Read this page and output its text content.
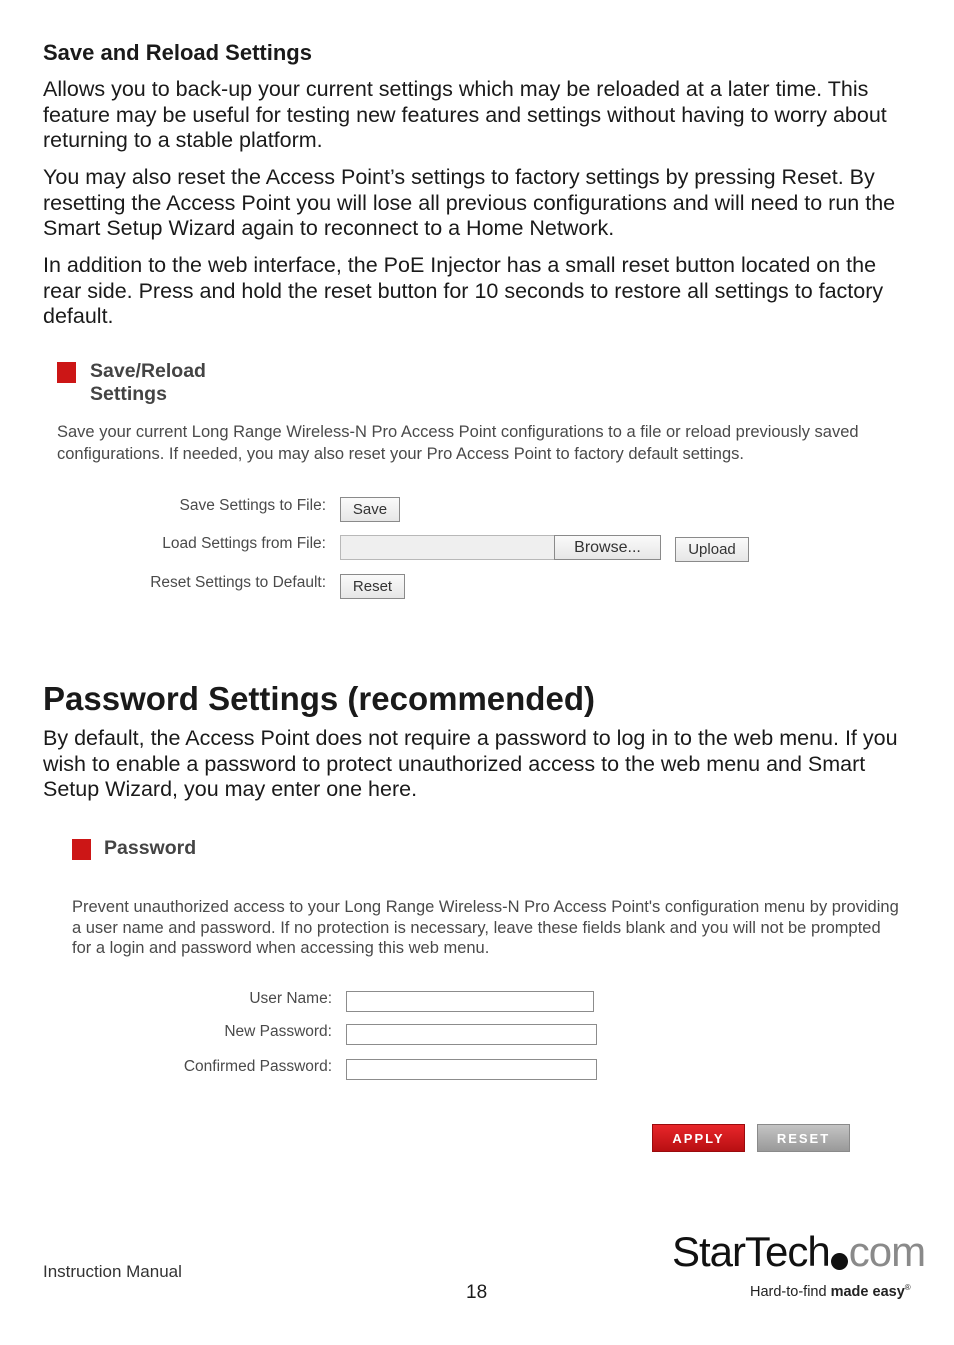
Save and Reload Settings
Allows you to back-up your current settings which may be reloaded at a later time. This feature may be useful for testing new features and settings without having to worry about returning to a stable platform.
You may also reset the Access Point’s settings to factory settings by pressing Reset. By resetting the Access Point you will lose all previous configurations and will need to run the Smart Setup Wizard again to reconnect to a Home Network.
In addition to the web interface, the PoE Injector has a small reset button located on the rear side. Press and hold the reset button for 10 seconds to restore all settings to factory default.
Save/Reload Settings
Save your current Long Range Wireless-N Pro Access Point configurations to a file or reload previously saved configurations. If needed, you may also reset your Pro Access Point to factory default settings.
Save Settings to File:	Save
Load Settings from File:	Browse...	Upload
Reset Settings to Default:	Reset
Password Settings (recommended)
By default, the Access Point does not require a password to log in to the web menu. If you wish to enable a password to protect unauthorized access to the web menu and Smart Setup Wizard, you may enter one here.
Password
Prevent unauthorized access to your Long Range Wireless-N Pro Access Point's configuration menu by providing a user name and password. If no protection is necessary, leave these fields blank and you will not be prompted for a login and password when accessing this web menu.
User Name:
New Password:
Confirmed Password:
APPLY	RESET
Instruction Manual
18
StarTech com
Hard-to-find made easy®
